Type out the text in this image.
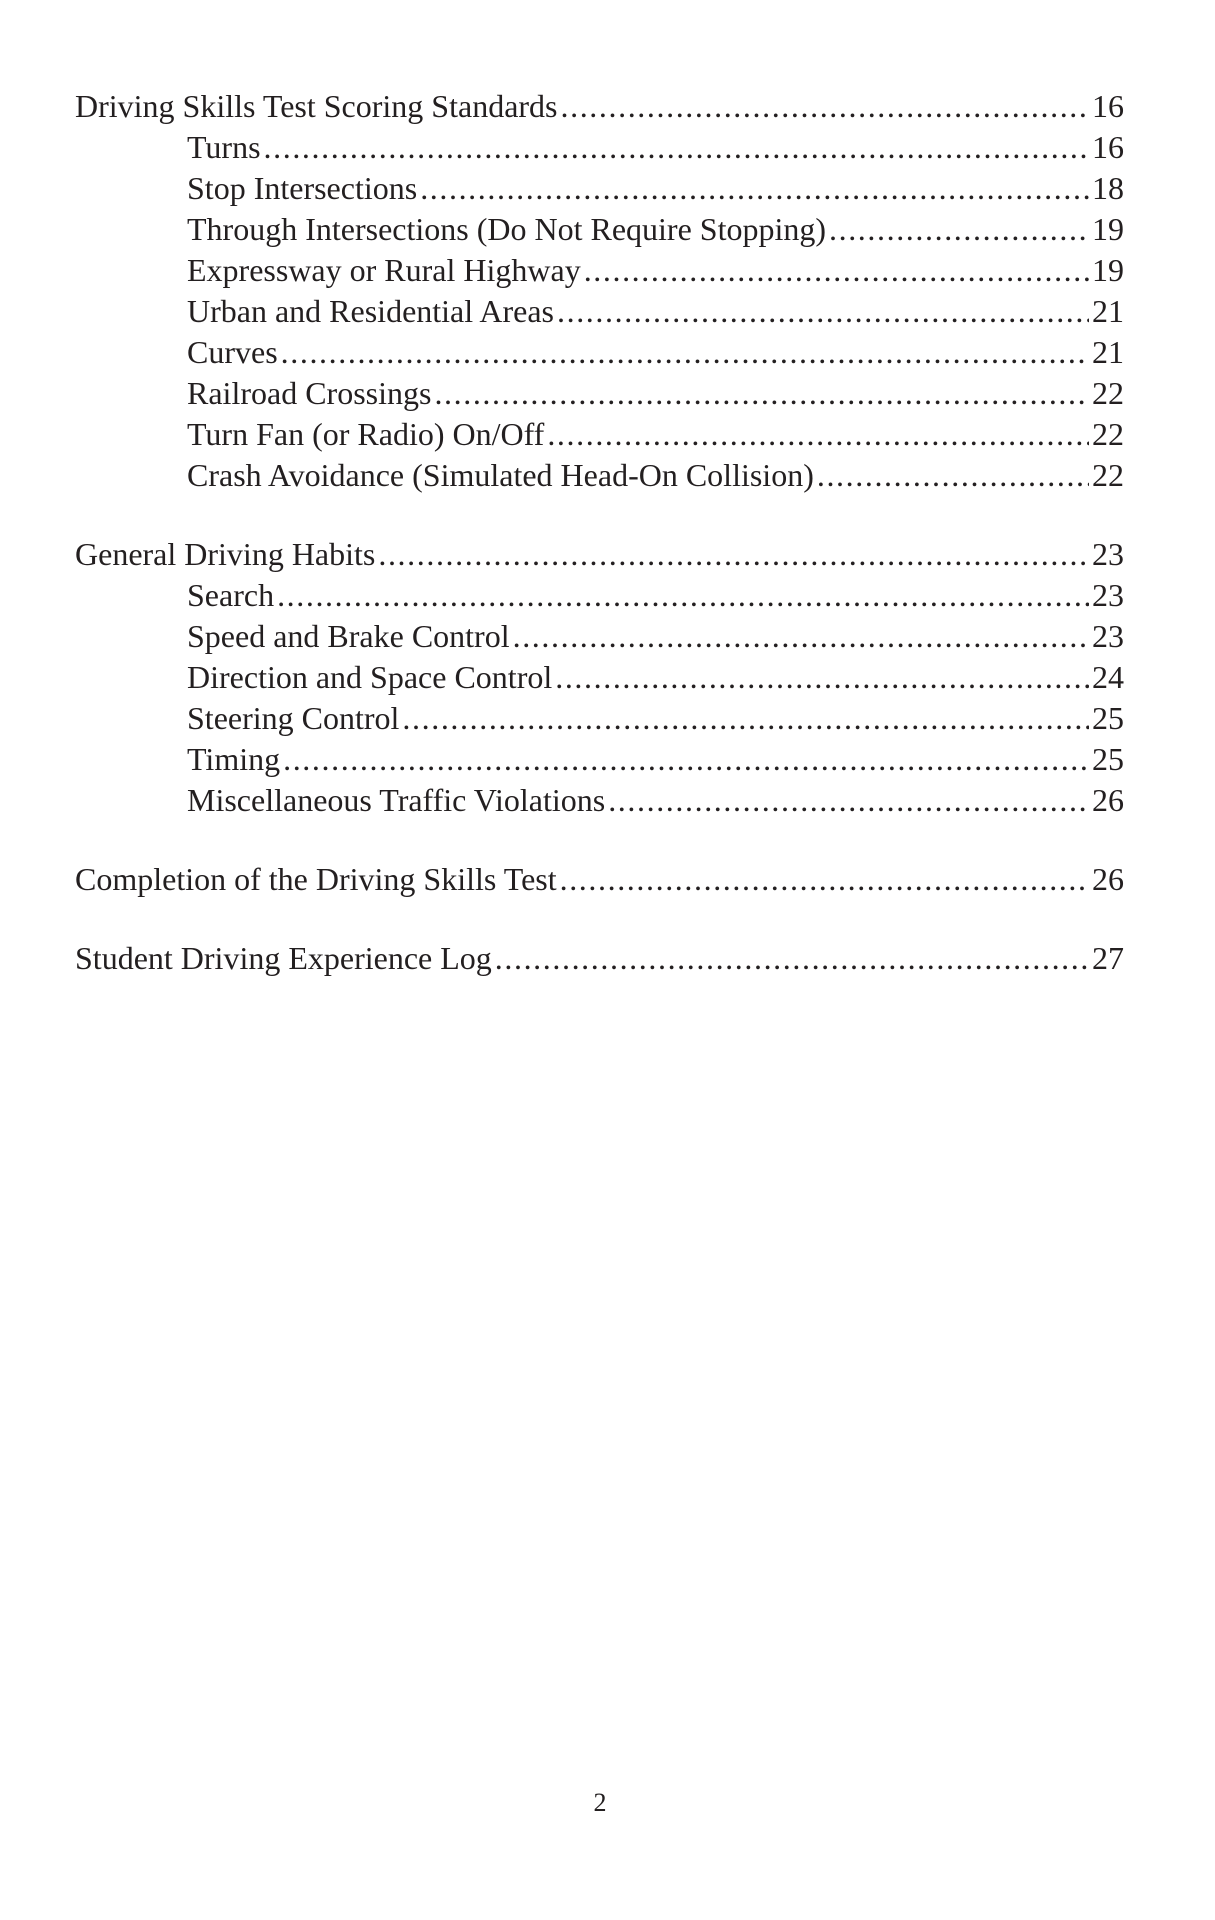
Driving Skills Test Scoring Standards .....	16
Turns .....	16
Stop Intersections .....	18
Through Intersections (Do Not Require Stopping) .....	19
Expressway or Rural Highway .....	19
Urban and Residential Areas .....	21
Curves .....	21
Railroad Crossings .....	22
Turn Fan (or Radio) On/Off .....	22
Crash Avoidance (Simulated Head-On Collision) .....	22
General Driving Habits .....	23
Search .....	23
Speed and Brake Control .....	23
Direction and Space Control .....	24
Steering Control .....	25
Timing .....	25
Miscellaneous Traffic Violations .....	26
Completion of the Driving Skills Test .....	26
Student Driving Experience Log .....	27
2
